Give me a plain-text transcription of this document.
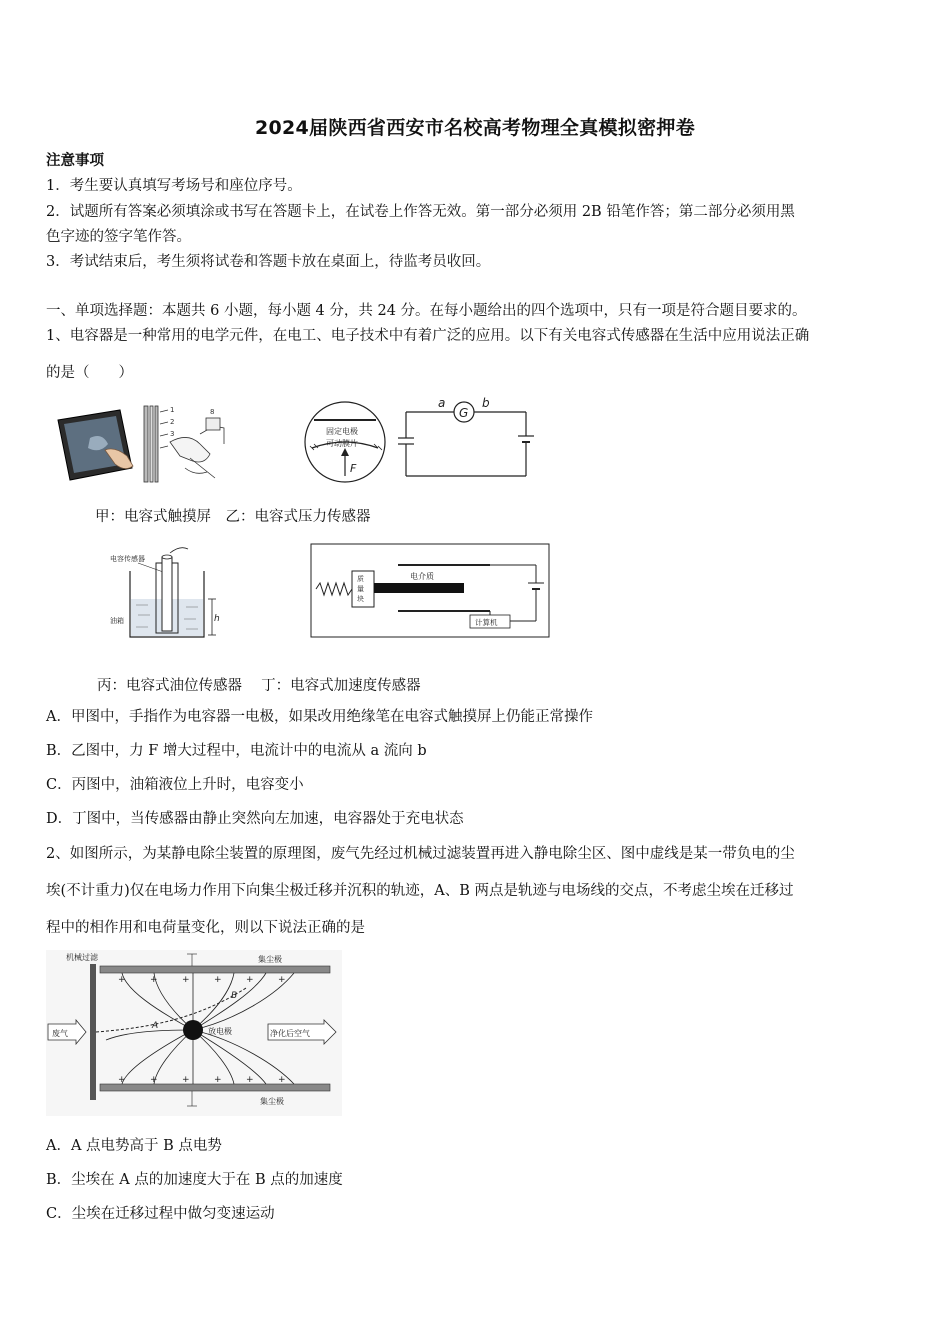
2024届陕西省西安市名校高考物理全真模拟密押卷
注意事项
1．考生要认真填写考场号和座位序号。
2．试题所有答案必须填涂或书写在答题卡上，在试卷上作答无效。第一部分必须用 2B 铅笔作答；第二部分必须用黑
色字迹的签字笔作答。
3．考试结束后，考生须将试卷和答题卡放在桌面上，待监考员收回。
一、单项选择题：本题共 6 小题，每小题 4 分，共 24 分。在每小题给出的四个选项中，只有一项是符合题目要求的。
1、电容器是一种常用的电学元件，在电工、电子技术中有着广泛的应用。以下有关电容式传感器在生活中应用说法正确
的是（　　）
1
2
3
8
固定电极
可动膜片
F
G
a	b
甲：电容式触摸屏　乙：电容式压力传感器
电容传感器
h
油箱
质
量
块
电介质
计算机
丙：电容式油位传感器　 丁：电容式加速度传感器
A．甲图中，手指作为电容器一电极，如果改用绝缘笔在电容式触摸屏上仍能正常操作
B．乙图中，力 F 增大过程中，电流计中的电流从 a 流向 b
C．丙图中，油箱液位上升时，电容变小
D．丁图中，当传感器由静止突然向左加速，电容器处于充电状态
2、如图所示，为某静电除尘装置的原理图，废气先经过机械过滤装置再进入静电除尘区、图中虚线是某一带负电的尘
埃(不计重力)仅在电场力作用下向集尘极迁移并沉积的轨迹，A、B 两点是轨迹与电场线的交点，不考虑尘埃在迁移过
程中的相作用和电荷量变化，则以下说法正确的是
机械过滤	集尘极
集尘极
+	+	+	+	+	+
+	+	+	+	+	+
放电极
A
B
废气	净化后空气
A．A 点电势高于 B 点电势
B．尘埃在 A 点的加速度大于在 B 点的加速度
C．尘埃在迁移过程中做匀变速运动
